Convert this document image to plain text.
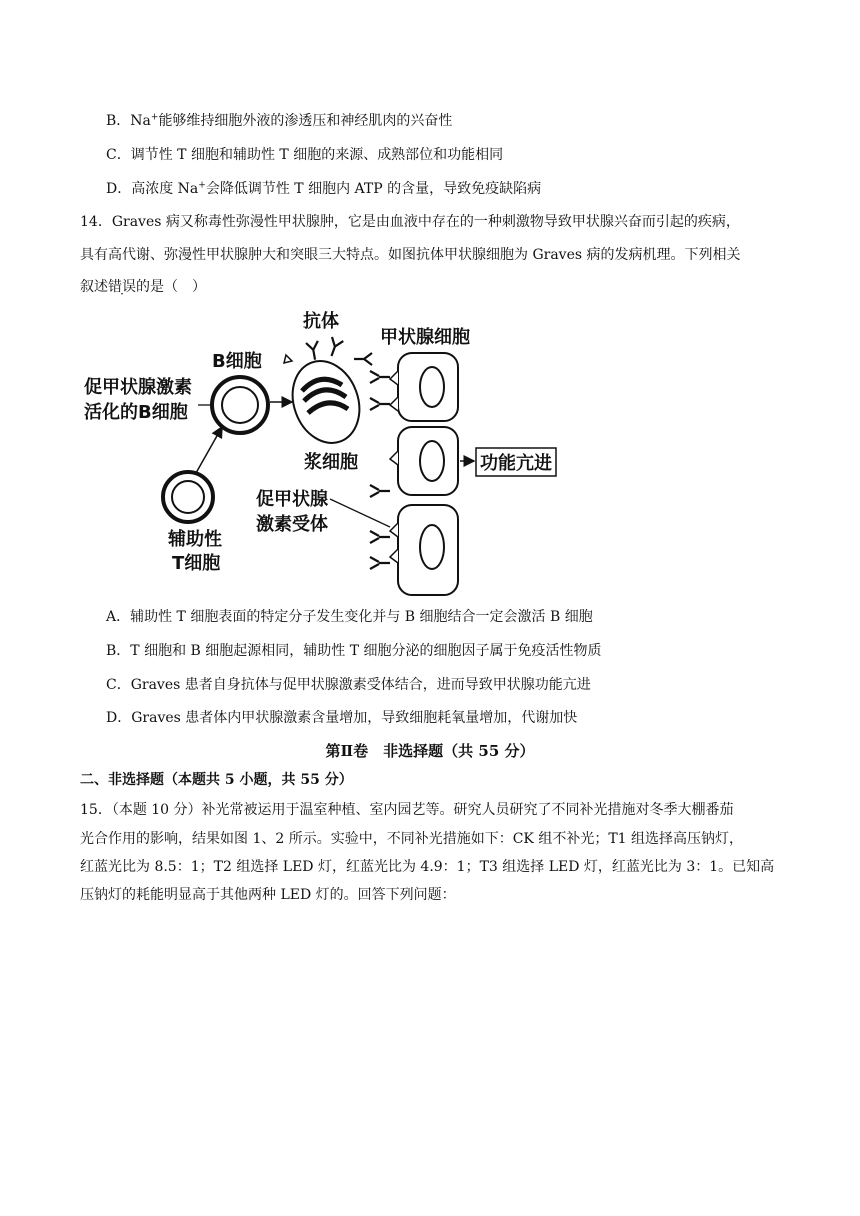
B．Na+能够维持细胞外液的渗透压和神经肌肉的兴奋性
C．调节性 T 细胞和辅助性 T 细胞的来源、成熟部位和功能相同
D．高浓度 Na+会降低调节性 T 细胞内 ATP 的含量，导致免疫缺陷病
14．Graves 病又称毒性弥漫性甲状腺肿，它是由血液中存在的一种刺激物导致甲状腺兴奋而引起的疾病，
具有高代谢、弥漫性甲状腺肿大和突眼三大特点。如图抗体甲状腺细胞为 Graves 病的发病机理。下列相关
叙述错误的是（　）
促甲状腺激素
活化的B细胞
B细胞
辅助性
T细胞
浆细胞
抗体
甲状腺细胞
功能亢进
促甲状腺
激素受体
A．辅助性 T 细胞表面的特定分子发生变化并与 B 细胞结合一定会激活 B 细胞
B．T 细胞和 B 细胞起源相同，辅助性 T 细胞分泌的细胞因子属于免疫活性物质
C．Graves 患者自身抗体与促甲状腺激素受体结合，进而导致甲状腺功能亢进
D．Graves 患者体内甲状腺激素含量增加，导致细胞耗氧量增加，代谢加快
第Ⅱ卷　非选择题（共 55 分）
二、非选择题（本题共 5 小题，共 55 分）
15．（本题 10 分）补光常被运用于温室种植、室内园艺等。研究人员研究了不同补光措施对冬季大棚番茄
光合作用的影响，结果如图 1、2 所示。实验中，不同补光措施如下：CK 组不补光；T1 组选择高压钠灯，
红蓝光比为 8.5：1；T2 组选择 LED 灯，红蓝光比为 4.9：1；T3 组选择 LED 灯，红蓝光比为 3：1。已知高
压钠灯的耗能明显高于其他两种 LED 灯的。回答下列问题：
